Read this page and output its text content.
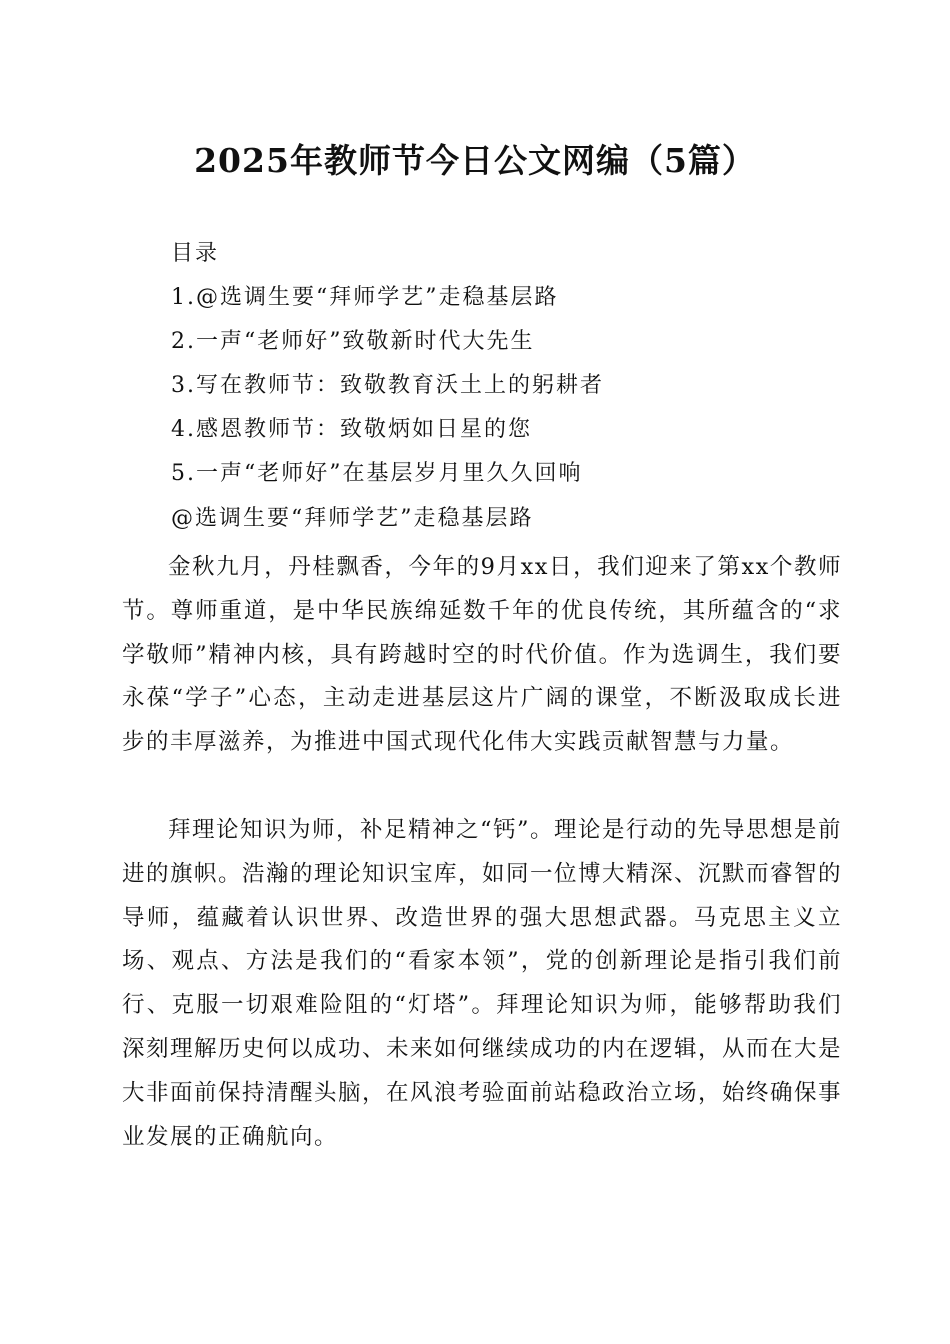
2025年教师节今日公文网编（5篇）

目录

1.@选调生要“拜师学艺”走稳基层路

2.一声“老师好”致敬新时代大先生

3.写在教师节：致敬教育沃土上的躬耕者

4.感恩教师节：致敬炳如日星的您

5.一声“老师好”在基层岁月里久久回响

@选调生要“拜师学艺”走稳基层路

金秋九月，丹桂飘香，今年的9月xx日，我们迎来了第xx个教师节。尊师重道，是中华民族绵延数千年的优良传统，其所蕴含的“求学敬师”精神内核，具有跨越时空的时代价值。作为选调生，我们要永葆“学子”心态，主动走进基层这片广阔的课堂，不断汲取成长进步的丰厚滋养，为推进中国式现代化伟大实践贡献智慧与力量。

拜理论知识为师，补足精神之“钙”。理论是行动的先导思想是前进的旗帜。浩瀚的理论知识宝库，如同一位博大精深、沉默而睿智的导师，蕴藏着认识世界、改造世界的强大思想武器。马克思主义立场、观点、方法是我们的“看家本领”，党的创新理论是指引我们前行、克服一切艰难险阻的“灯塔”。拜理论知识为师，能够帮助我们深刻理解历史何以成功、未来如何继续成功的内在逻辑，从而在大是大非面前保持清醒头脑，在风浪考验面前站稳政治立场，始终确保事业发展的正确航向。
